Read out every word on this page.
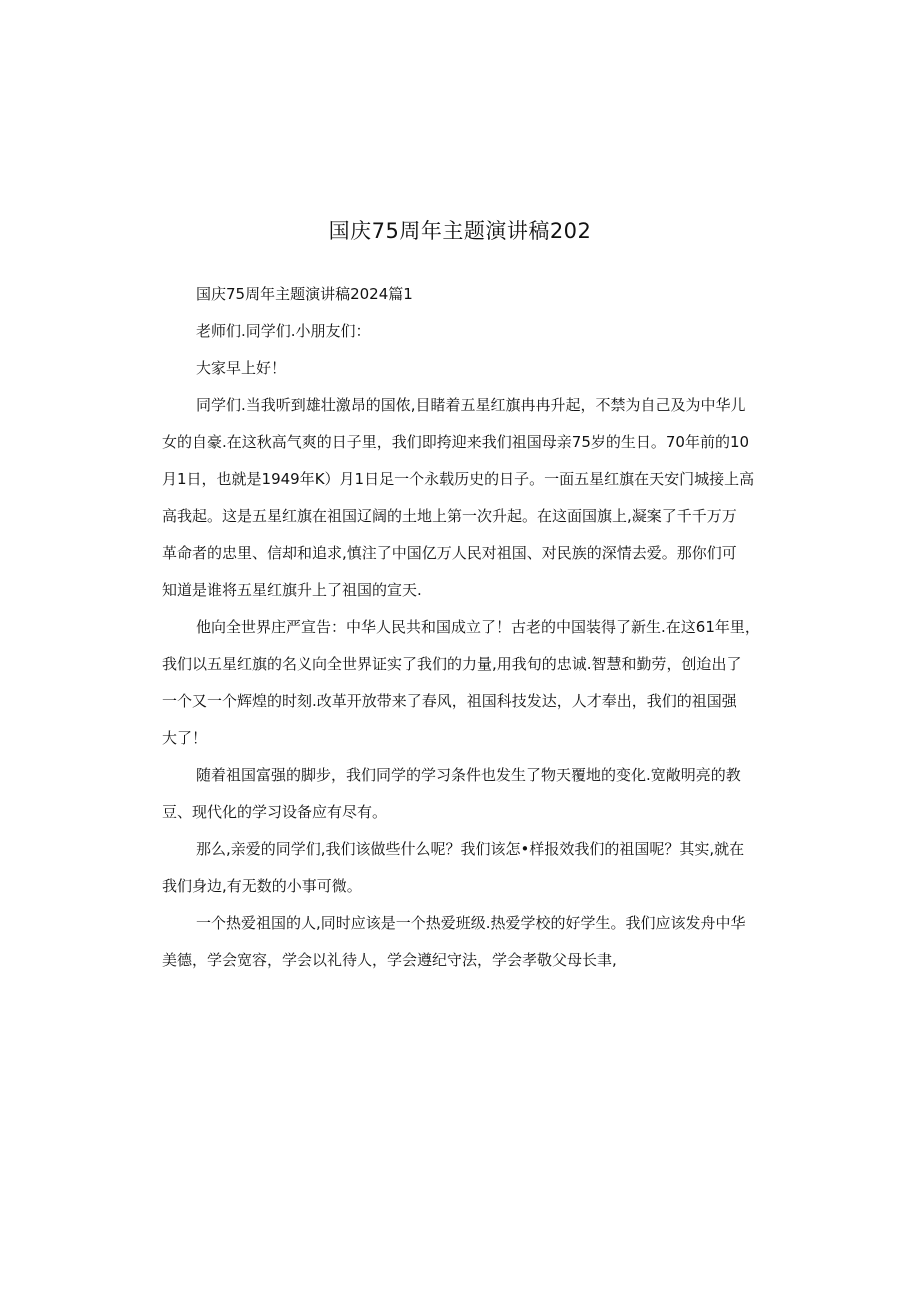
国庆75周年主题演讲稿202

国庆75周年主题演讲稿2024篇1

老师们.同学们.小朋友们：

大家早上好！

同学们.当我听到雄壮激昂的国侬,目睹着五星红旗冉冉升起，不禁为自己及为中华儿

女的自豪.在这秋高气爽的日子里，我们即挎迎来我们祖国母亲75岁的生日。70年前的10

月1日，也就是1949年K）月1日足一个永载历史的日子。一面五星红旗在天安门城接上高

高我起。这是五星红旗在祖国辽阔的土地上第一次升起。在这面国旗上,凝案了千千万万

革命者的忠里、信却和追求,慎注了中国亿万人民对祖国、对民族的深情去爱。那你们可

知道是谁将五星红旗升上了祖国的宣天.

他向全世界庄严宣告：中华人民共和国成立了！古老的中国装得了新生.在这61年里，

我们以五星红旗的名义向全世界证实了我们的力量,用我旬的忠诚.智慧和勤劳，创迨出了

一个又一个辉煌的时刻.改革开放带来了春风，祖国科技发达，人才奉出，我们的祖国强

大了！

随着祖国富强的脚步，我们同学的学习条件也发生了物天覆地的变化.宽敞明亮的教

豆、现代化的学习设备应有尽有。

那么,亲爱的同学们,我们该做些什么呢？我们该怎•样报效我们的祖国呢？其实,就在

我们身边,有无数的小事可微。

一个热爱祖国的人,同时应该是一个热爱班级.热爱学校的好学生。我们应该发舟中华

美德，学会宽容，学会以礼待人，学会遵纪守法，学会孝敬父母长聿,
